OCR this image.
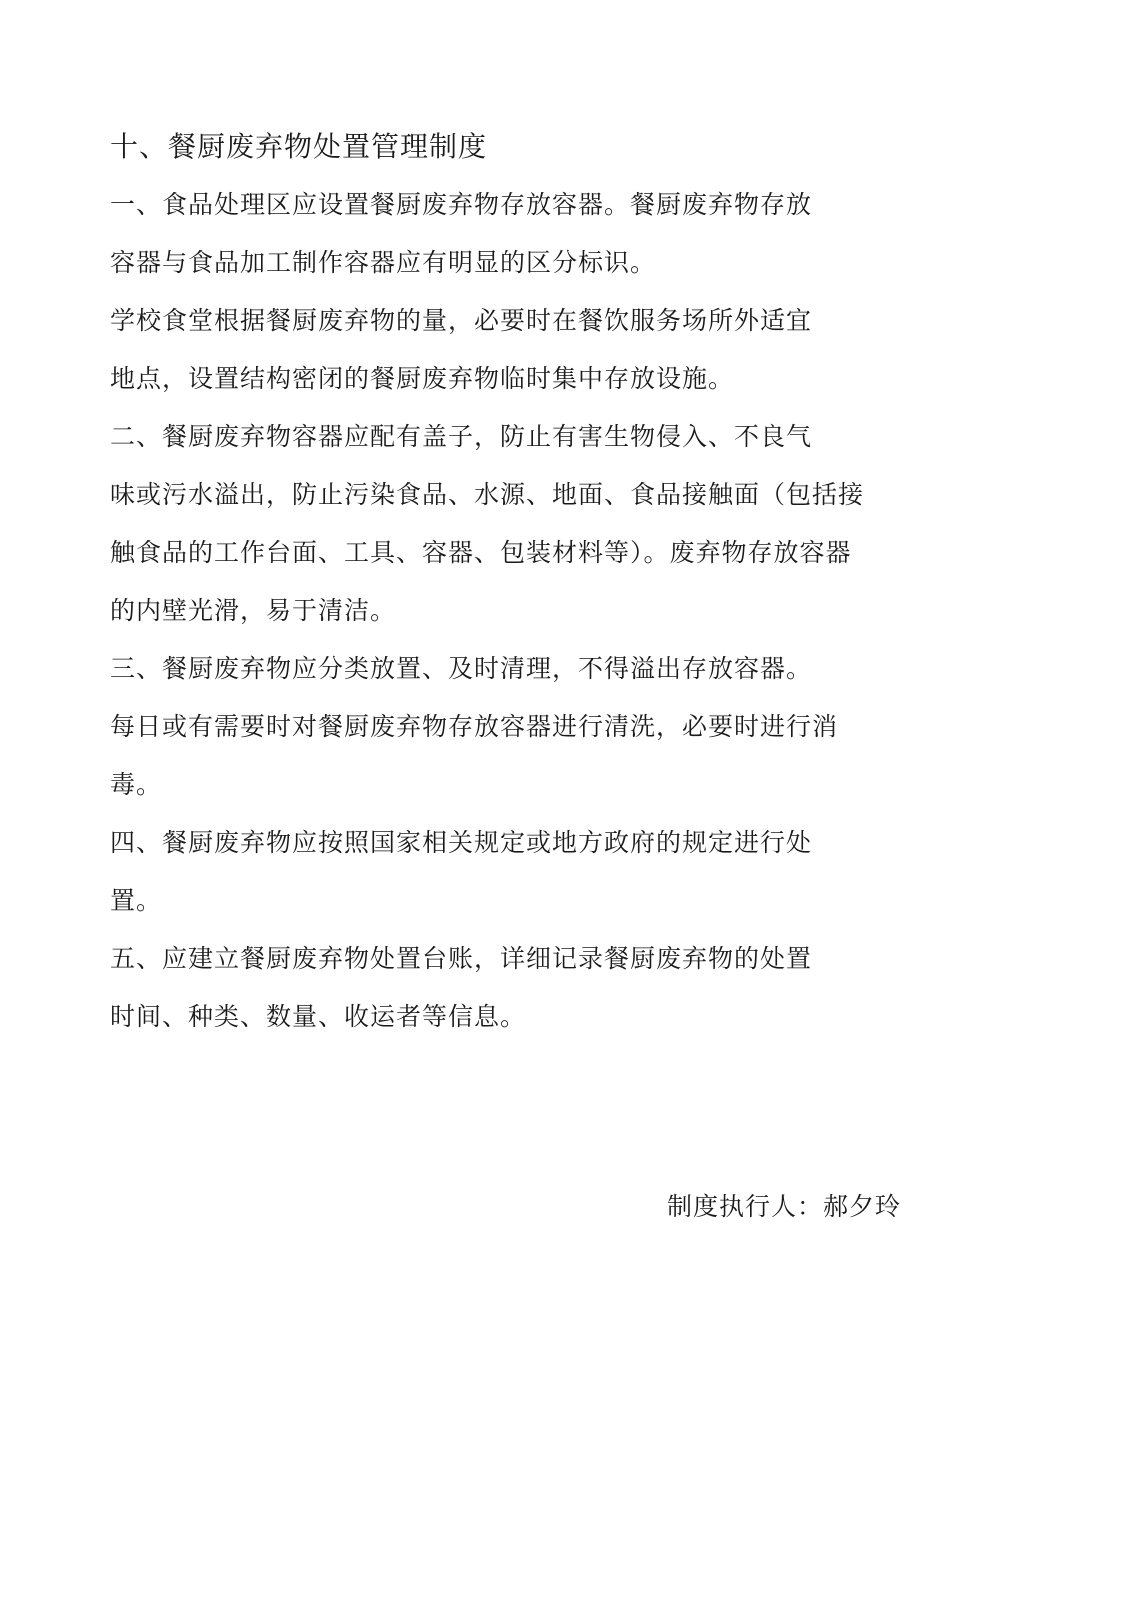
十、餐厨废弃物处置管理制度
一、食品处理区应设置餐厨废弃物存放容器。餐厨废弃物存放
容器与食品加工制作容器应有明显的区分标识。
学校食堂根据餐厨废弃物的量，必要时在餐饮服务场所外适宜
地点，设置结构密闭的餐厨废弃物临时集中存放设施。
二、餐厨废弃物容器应配有盖子，防止有害生物侵入、不良气
味或污水溢出，防止污染食品、水源、地面、食品接触面（包括接
触食品的工作台面、工具、容器、包装材料等）。废弃物存放容器
的内壁光滑，易于清洁。
三、餐厨废弃物应分类放置、及时清理，不得溢出存放容器。
每日或有需要时对餐厨废弃物存放容器进行清洗，必要时进行消
毒。
四、餐厨废弃物应按照国家相关规定或地方政府的规定进行处
置。
五、应建立餐厨废弃物处置台账，详细记录餐厨废弃物的处置
时间、种类、数量、收运者等信息。
制度执行人：郝夕玲
